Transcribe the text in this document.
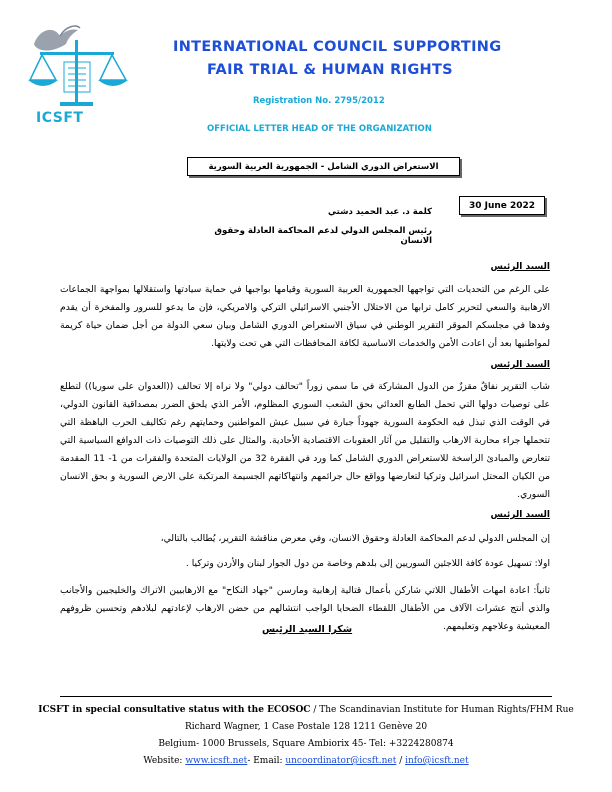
ICSFT
INTERNATIONAL COUNCIL SUPPORTING
FAIR TRIAL & HUMAN RIGHTS
Registration No. 2795/2012
OFFICIAL LETTER HEAD OF THE ORGANIZATION
الاستعراض الدوري الشامل - الجمهورية العربية السورية
30 June 2022
كلمة د. عبد الحميد دشتي
رئيس المجلس الدولي لدعم المحاكمة العادلة وحقوق الانسان
السيد الرئيس
على الرغم من التحديات التي تواجهها الجمهورية العربية السورية وقيامها بواجبها في حماية سيادتها واستقلالها بمواجهة الجماعات الارهابية والسعي لتحرير كامل ترابها من الاحتلال الأجنبي الاسرائيلي التركي والامريكي، فإن ما يدعو للسرور والمفخرة أن يقدم وفدها في مجلسكم الموقر التقرير الوطني في سياق الاستعراض الدوري الشامل وبيان سعي الدولة من أجل ضمان حياة كريمة لمواطنيها بعد أن اعادت الأمن والخدمات الاساسية لكافة المحافظات التي هي تحت ولايتها.
السيد الرئيس
شاب التقرير نفاقٌ مقززٌ من الدول المشاركة في ما سمي زوراً "تحالف دولي" ولا نراه إلا تحالف ((العدوان على سوريا)) لتطلع على توصيات دولها التي تحمل الطابع العدائي بحق الشعب السوري المظلوم، الأمر الذي يلحق الضرر بمصداقية القانون الدولي، في الوقت الذي تبذل فيه الحكومة السورية جهوداً جبارة في سبيل عيش المواطنين وحمايتهم رغم تكاليف الحرب الباهظة التي تتحملها جراء محاربة الارهاب والتقليل من آثار العقوبات الاقتصادية الأحادية. والمثال على ذلك التوصيات ذات الدوافع السياسية التي تتعارض والمبادئ الراسخة للاستعراض الدوري الشامل كما ورد في الفقرة 32 من الولايات المتحدة والفقرات من 1- 11 المقدمة من الكيان المحتل اسرائيل وتركيا لتعارضها وواقع حال جرائمهم وانتهاكاتهم الجسيمة المرتكبة على الارض السورية و بحق الانسان السوري.
السيد الرئيس
إن المجلس الدولي لدعم المحاكمة العادلة وحقوق الانسان، وفي معرض مناقشة التقرير، يُطالب بالتالي،
اولا: تسهيل عودة كافة اللاجئين السوريين إلى بلدهم وخاصة من دول الجوار لبنان والأردن وتركيا .
ثانياً: اعادة امهات الأطفال اللاتي شاركن بأعمال قتالية إرهابية ومارسن "جهاد النكاح" مع الارهابيين الاتراك والخليجيين والأجانب والذي أنتج عشرات الآلاف من الأطفال اللقطاء الضحايا الواجب انتشالهم من حضن الارهاب لإعادتهم لبلادهم وتحسين ظروفهم المعيشية وعلاجهم وتعليمهم.
شكرا السيد الرئيس
ICSFT in special consultative status with the ECOSOC / The Scandinavian Institute for Human Rights/FHM Rue
Richard Wagner, 1 Case Postale 128 1211 Genève 20
Belgium- 1000 Brussels, Square Ambiorix 45- Tel: +3224280874
Website: www.icsft.net- Email: uncoordinator@icsft.net / info@icsft.net
